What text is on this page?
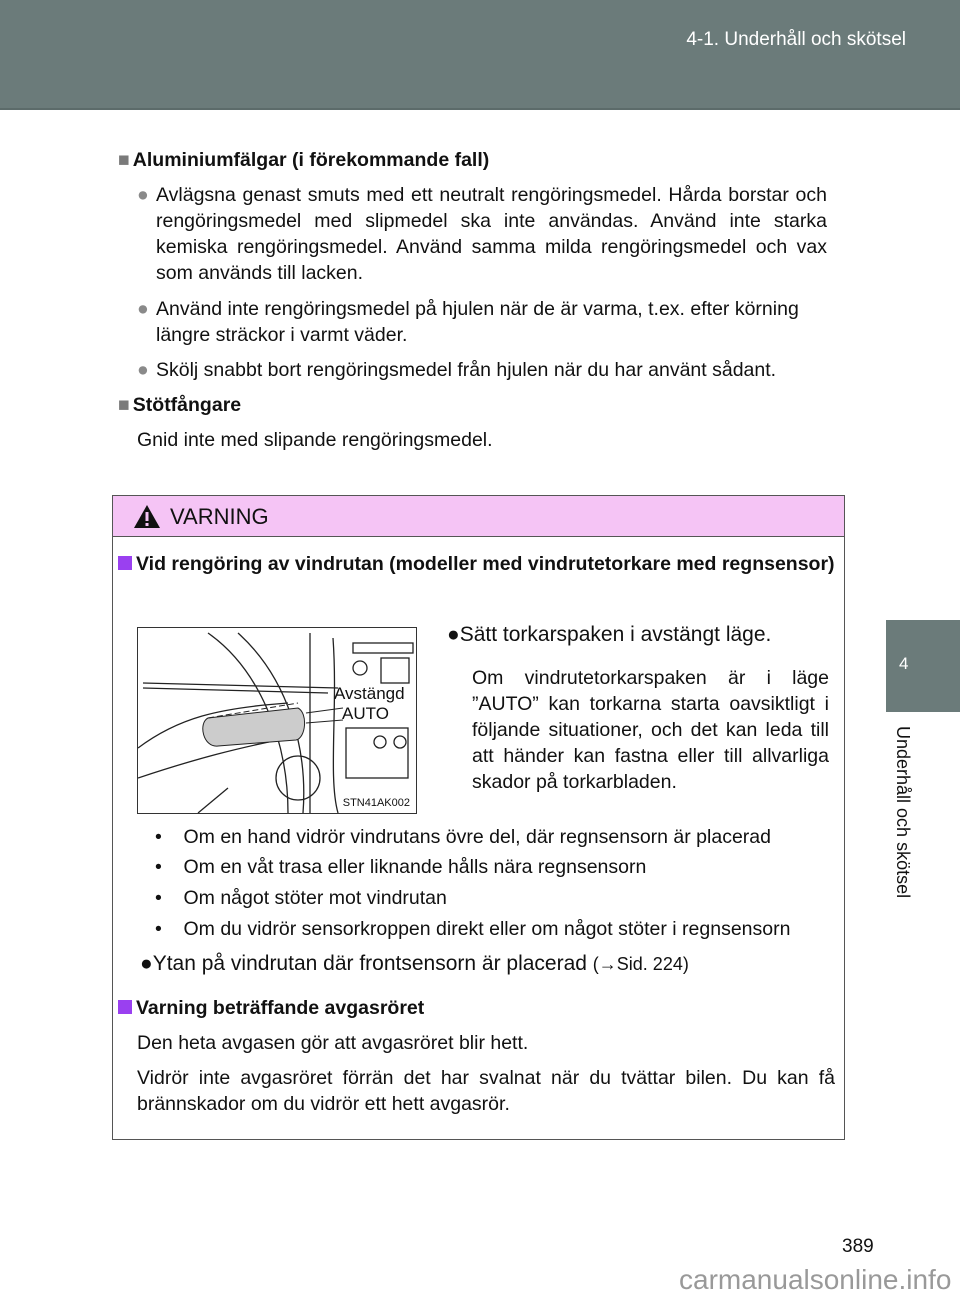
4-1. Underhåll och skötsel
4
Underhåll och skötsel
■ Aluminiumfälgar (i förekommande fall)
● Avlägsna genast smuts med ett neutralt rengöringsmedel. Hårda borstar och rengöringsmedel med slipmedel ska inte användas. Använd inte starka kemiska rengöringsmedel. Använd samma milda rengöringsmedel och vax som används till lacken.
● Använd inte rengöringsmedel på hjulen när de är varma, t.ex. efter körning längre sträckor i varmt väder.
● Skölj snabbt bort rengöringsmedel från hjulen när du har använt sådant.
■ Stötfångare
Gnid inte med slipande rengöringsmedel.
VARNING
Vid rengöring av vindrutan (modeller med vindrutetorkare med regnsensor)
Avstängd
AUTO
STN41AK002
●Sätt torkarspaken i avstängt läge.
Om vindrutetorkarspaken är i läge ”AUTO” kan torkarna starta oavsiktligt i följande situationer, och det kan leda till att händer kan fastna eller till allvarliga skador på torkarbladen.
•    Om en hand vidrör vindrutans övre del, där regnsensorn är placerad
•    Om en våt trasa eller liknande hålls nära regnsensorn
•    Om något stöter mot vindrutan
•    Om du vidrör sensorkroppen direkt eller om något stöter i regnsensorn
●Ytan på vindrutan där frontsensorn är placerad (→Sid. 224)
Varning beträffande avgasröret
Den heta avgasen gör att avgasröret blir hett.
Vidrör inte avgasröret förrän det har svalnat när du tvättar bilen. Du kan få brännskador om du vidrör ett hett avgasrör.
389
carmanualsonline.info
